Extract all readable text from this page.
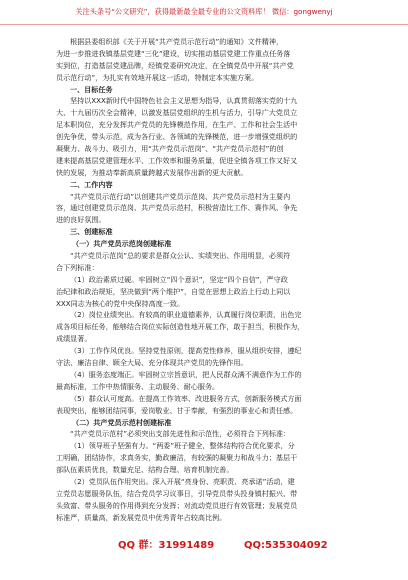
关注头条号“公文研究”，获得最新最全最专业的公文资料库！ 微信：gongwenyj
根据县委组织部《关于开展“共产党员示范行动”的通知》文件精神，
为进一步推进我镇基层党建“三化”建设，切实推动基层党建工作重点任务落
实到位，打造基层党建品牌，经镇党委研究决定，在全镇党员中开展“共产党
员示范行动”，为扎实有效地开展这一活动，特制定本实施方案。
一、目标任务
坚持以XXX新时代中国特色社会主义思想为指导，认真贯彻落实党的十九
大、十九届历次全会精神，以激发基层党组织的生机与活力，引导广大党员立
足本职岗位，充分发挥共产党员的先锋模范作用，在生产、工作和社会生活中
创先争优，带头示范，成为各行业、各领域的先锋模范，进一步增强党组织的
凝聚力、战斗力、吸引力，用“共产党员示范岗”、“共产党员示范村”的创
建来提高基层党建管理水平、工作效率和服务质量，促进全镇各项工作又好又
快的发展，为推动奉新高质量跨越式发展作出新的更大贡献。
二、工作内容
“共产党员示范行动”以创建共产党员示范岗、共产党员示范村为主要内
容，通过创建党员示范岗、共产党员示范村，积极营造比工作、赛作风、争先
进的良好氛围。
三、创建标准
（一）共产党员示范岗创建标准
“共产党员示范岗”总的要求是群众公认、实绩突出、作用明显，必须符
合下列标准：
（1）政治素质过硬。牢固树立“四个意识”，坚定“四个自信”，严守政
治纪律和政治规矩，坚决做到“两个维护”，自觉在思想上政治上行动上同以
XXX同志为核心的党中央保持高度一致。
（2）岗位业绩突出。有较高的职业道德素养，认真履行岗位职责，出色完
成各项目标任务，能够结合岗位实际创造性地开展工作，敢于担当，积极作为，
成绩显著。
（3）工作作风优良。坚持党性原则，提高党性修养，服从组织安排，遵纪
守法、廉洁自律、顾全大局、充分体现共产党员的先锋作用。
（4）服务态度端正。牢固树立宗旨意识，把人民群众满不满意作为工作的
最高标准，工作中热情服务、主动服务、耐心服务。
（5）群众认可度高。在提高工作效率、改进服务方式，创新服务模式方面
表现突出，能够团结同事，爱岗敬业、甘于奉献，有强烈的事业心和责任感。
（二）共产党员示范村创建标准
“共产党员示范村”必须突出支部先进性和示范性，必须符合下列标准：
（1）领导班子坚强有力。“两委”班子健全，整体结构符合优化要求，分
工明确，团结协作，求真务实，勤政廉洁，有较强的凝聚力和战斗力；基层干
部队伍素质优良，数量充足、结构合理、培育机制完善。
（2）党员队伍作用突出。深入开展“亮身份、亮职责、亮承诺”活动，建
立党员志愿服务队伍，结合党员学习议事日，引导党员带头投身镇村振兴、带
头致富、带头服务的作用得到充分发挥；对流动党员进行有效管理；发展党员
标准严，质量高，新发展党员中优秀青年占较高比例。
QQ 群：31991489	QQ:535304092
